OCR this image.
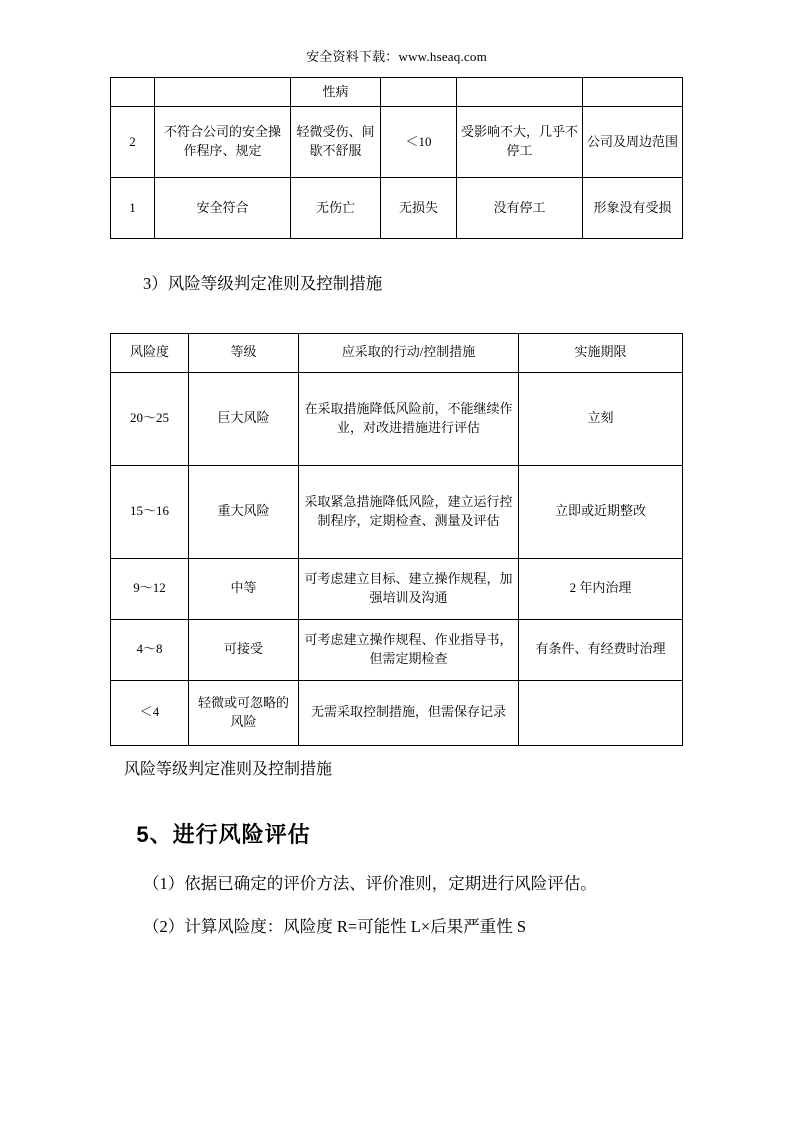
安全资料下载：www.hseaq.com
		性病			
2	不符合公司的安全操作程序、规定	轻微受伤、间歇不舒服	＜10	受影响不大，几乎不停工	公司及周边范围
1	安全符合	无伤亡	无损失	没有停工	形象没有受损

3）风险等级判定准则及控制措施

风险度	等级	应采取的行动/控制措施	实施期限
20～25	巨大风险	在采取措施降低风险前，不能继续作业，对改进措施进行评估	立刻
15～16	重大风险	采取紧急措施降低风险，建立运行控制程序，定期检查、测量及评估	立即或近期整改
9～12	中等	可考虑建立目标、建立操作规程，加强培训及沟通	2 年内治理
4～8	可接受	可考虑建立操作规程、作业指导书，但需定期检查	有条件、有经费时治理
＜4	轻微或可忽略的风险	无需采取控制措施，但需保存记录	
风险等级判定准则及控制措施
5、进行风险评估

（1）依据已确定的评价方法、评价准则，定期进行风险评估。

（2）计算风险度：风险度 R=可能性 L×后果严重性 S
